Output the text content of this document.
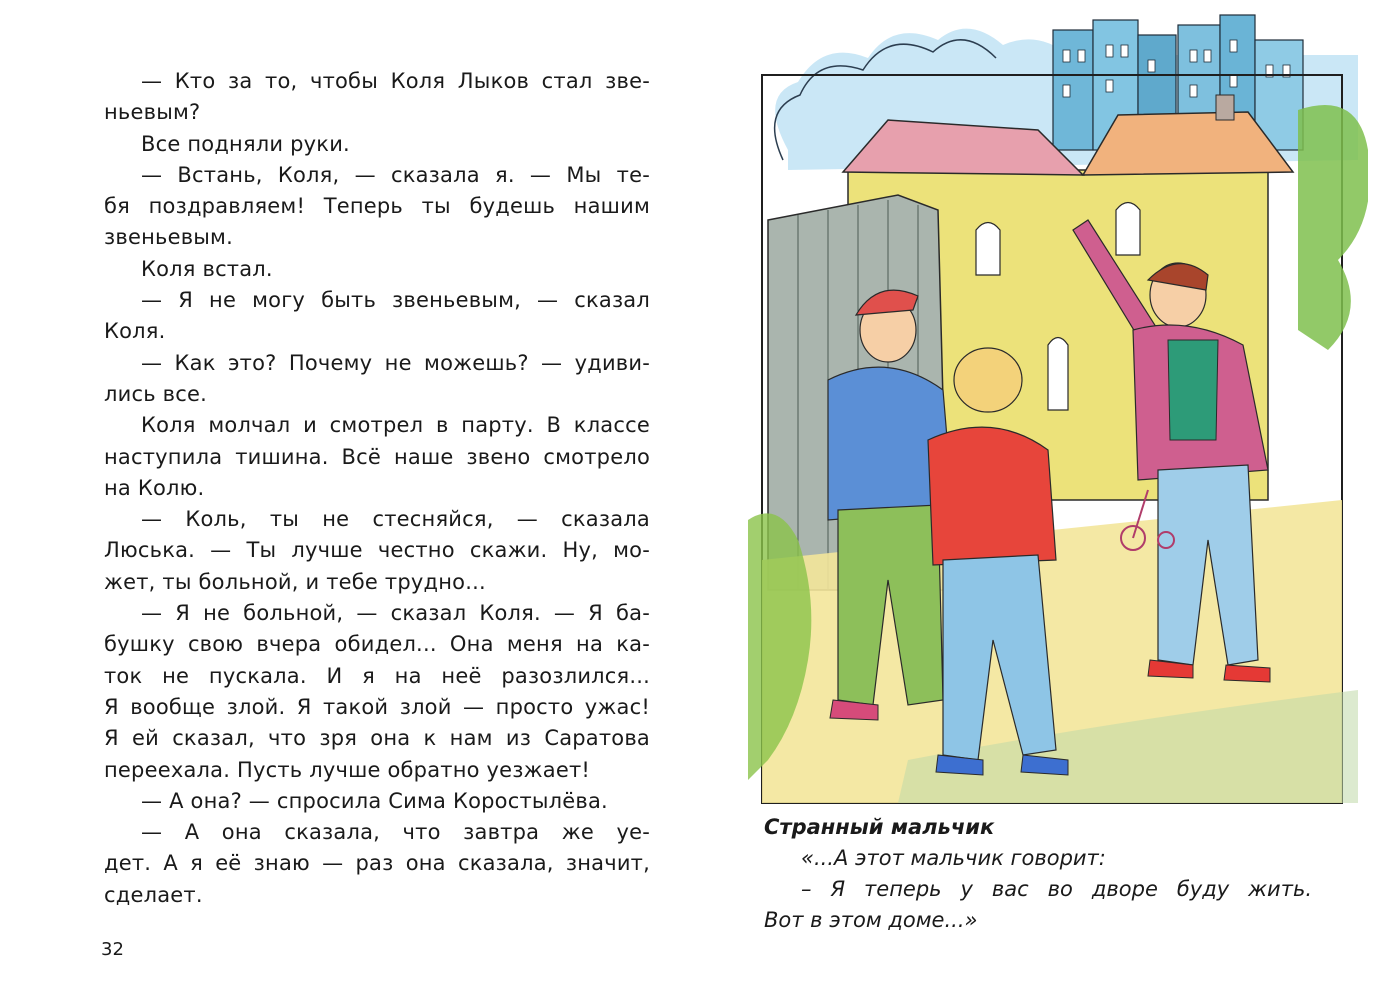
— Кто за то, чтобы Коля Лыков стал зве-
ньевым?
Все подняли руки.
— Встань, Коля, — сказала я. — Мы те-
бя поздравляем! Теперь ты будешь нашим
звеньевым.
Коля встал.
— Я не могу быть звеньевым, — сказал
Коля.
— Как это? Почему не можешь? — удиви-
лись все.
Коля молчал и смотрел в парту. В классе
наступила тишина. Всё наше звено смотрело
на Колю.
— Коль, ты не стесняйся, — сказала
Люська. — Ты лучше честно скажи. Ну, мо-
жет, ты больной, и тебе трудно...
— Я не больной, — сказал Коля. — Я ба-
бушку свою вчера обидел... Она меня на ка-
ток не пускала. И я на неё разозлился...
Я вообще злой. Я такой злой — просто ужас!
Я ей сказал, что зря она к нам из Саратова
переехала. Пусть лучше обратно уезжает!
— А она? — спросила Сима Коростылёва.
— А она сказала, что завтра же уе-
дет. А я её знаю — раз она сказала, значит,
сделает.
32
Странный мальчик
«...А этот мальчик говорит:
– Я теперь у вас во дворе буду жить.
Вот в этом доме...»
